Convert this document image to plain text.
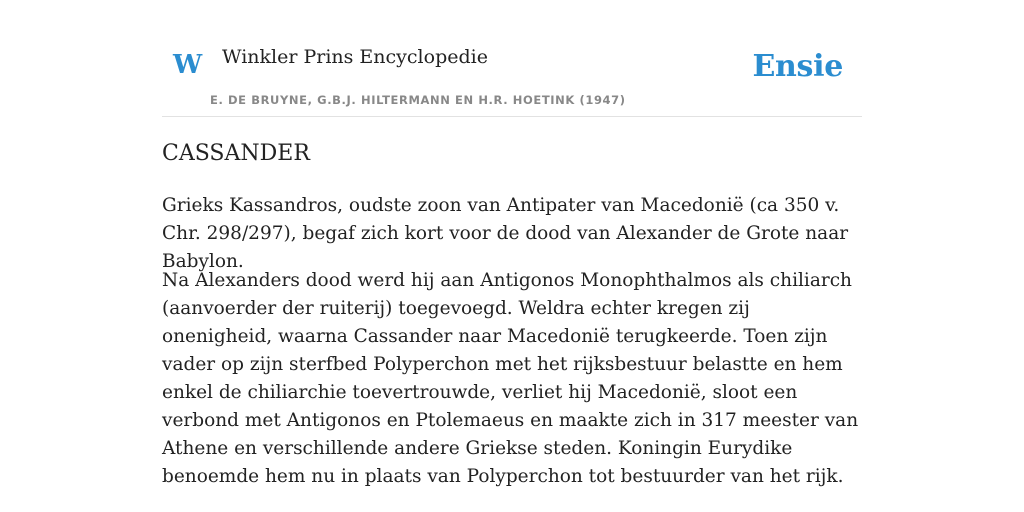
W Winkler Prins Encyclopedie	Ensie
E. DE BRUYNE, G.B.J. HILTERMANN EN H.R. HOETINK (1947)
CASSANDER

Grieks Kassandros, oudste zoon van Antipater van Macedonië (ca 350 v. Chr. 298/297), begaf zich kort voor de dood van Alexander de Grote naar Babylon.

Na Alexanders dood werd hij aan Antigonos Monophthalmos als chiliarch (aanvoerder der ruiterij) toegevoegd. Weldra echter kregen zij onenigheid, waarna Cassander naar Macedonië terugkeerde. Toen zijn vader op zijn sterfbed Polyperchon met het rijksbestuur belastte en hem enkel de chiliarchie toevertrouwde, verliet hij Macedonië, sloot een verbond met Antigonos en Ptolemaeus en maakte zich in 317 meester van Athene en verschillende andere Griekse steden. Koningin Eurydike benoemde hem nu in plaats van Polyperchon tot bestuurder van het rijk.
